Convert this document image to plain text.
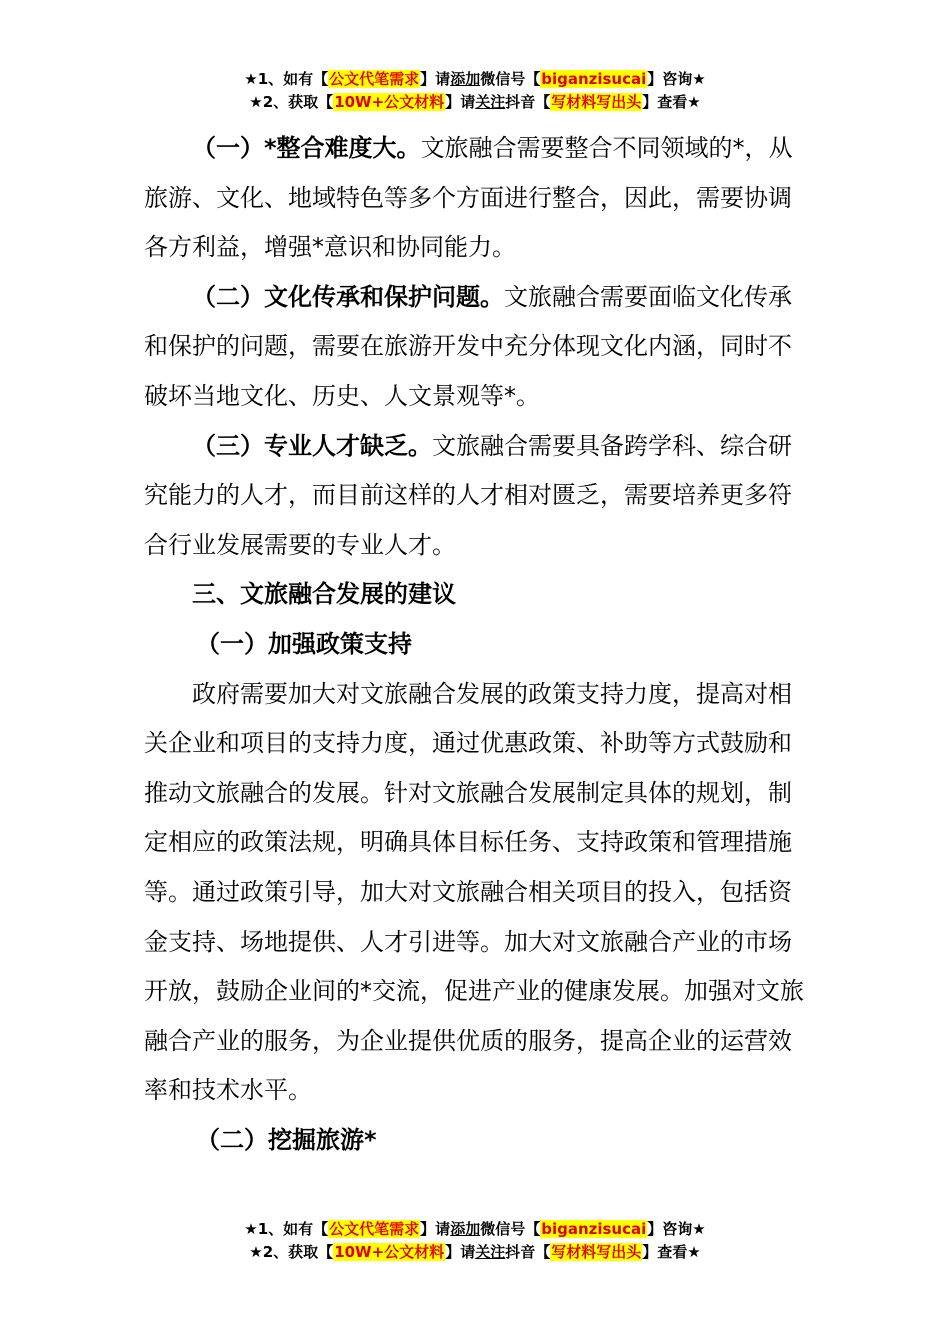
★1、如有【公文代笔需求】请添加微信号【biganzisucai】咨询★
★2、获取【10W+公文材料】请关注抖音【写材料写出头】查看★

（一）*整合难度大。文旅融合需要整合不同领域的*，从旅游、文化、地域特色等多个方面进行整合，因此，需要协调各方利益，增强*意识和协同能力。

（二）文化传承和保护问题。文旅融合需要面临文化传承和保护的问题，需要在旅游开发中充分体现文化内涵，同时不破坏当地文化、历史、人文景观等*。

（三）专业人才缺乏。文旅融合需要具备跨学科、综合研究能力的人才，而目前这样的人才相对匮乏，需要培养更多符合行业发展需要的专业人才。

三、文旅融合发展的建议

（一）加强政策支持

政府需要加大对文旅融合发展的政策支持力度，提高对相关企业和项目的支持力度，通过优惠政策、补助等方式鼓励和推动文旅融合的发展。针对文旅融合发展制定具体的规划，制定相应的政策法规，明确具体目标任务、支持政策和管理措施等。通过政策引导，加大对文旅融合相关项目的投入，包括资金支持、场地提供、人才引进等。加大对文旅融合产业的市场开放，鼓励企业间的*交流，促进产业的健康发展。加强对文旅融合产业的服务，为企业提供优质的服务，提高企业的运营效率和技术水平。

（二）挖掘旅游*

★1、如有【公文代笔需求】请添加微信号【biganzisucai】咨询★
★2、获取【10W+公文材料】请关注抖音【写材料写出头】查看★
